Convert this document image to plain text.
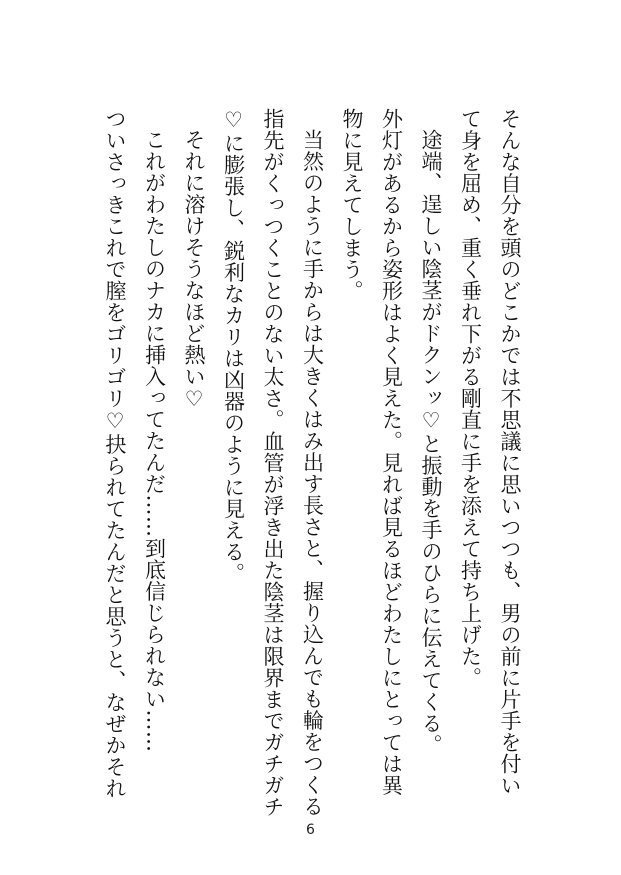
そんな自分を頭のどこかでは不思議に思いつつも、男の前に片手を付い

て身を屈め、重く垂れ下がる剛直に手を添えて持ち上げた。

途端、逞しい陰茎がドクンッ♡と振動を手のひらに伝えてくる。

外灯があるから姿形はよく見えた。見れば見るほどわたしにとっては異

物に見えてしまう。

当然のように手からは大きくはみ出す長さと、握り込んでも輪をつくる

指先がくっつくことのない太さ。血管が浮き出た陰茎は限界までガチガチ

♡に膨張し、鋭利なカリは凶器のように見える。

それに溶けそうなほど熱い♡

これがわたしのナカに挿入ってたんだ……到底信じられない……

ついさっきこれで膣をゴリゴリ♡抉られてたんだと思うと、なぜかそれ

6
